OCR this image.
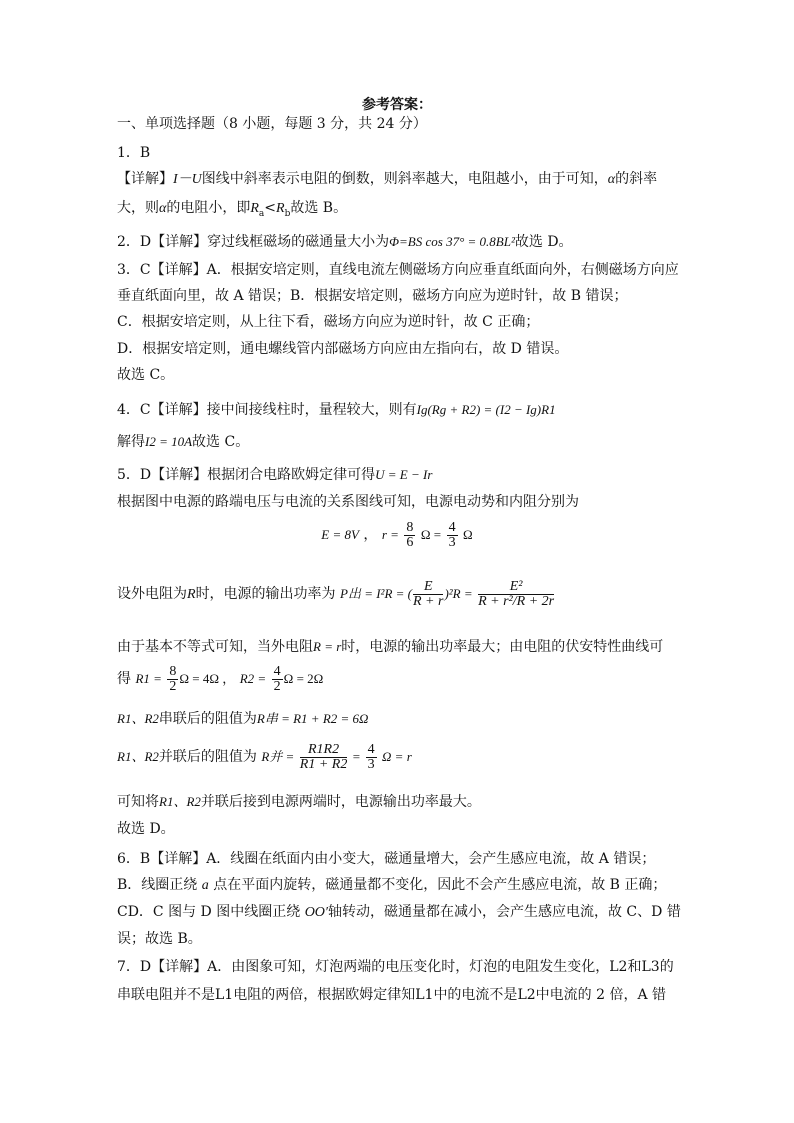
参考答案：
一、单项选择题（8 小题，每题 3 分，共 24 分）
1．B
【详解】I－U图线中斜率表示电阻的倒数，则斜率越大，电阻越小，由于可知，α的斜率
大，则α的电阻小，即$R_a<R_b$故选 B。
2．D【详解】穿过线框磁场的磁通量大小为Φ=BS cos 37° = 0.8BL²故选 D。
3．C【详解】A．根据安培定则，直线电流左侧磁场方向应垂直纸面向外，右侧磁场方向应
垂直纸面向里，故 A 错误；B．根据安培定则，磁场方向应为逆时针，故 B 错误；
C．根据安培定则，从上往下看，磁场方向应为逆时针，故 C 正确；
D．根据安培定则，通电螺线管内部磁场方向应由左指向右，故 D 错误。
故选 C。
4．C【详解】接中间接线柱时，量程较大，则有Ig(Rg + R2) = (I2 − Ig)R1
解得I2 = 10A故选 C。
5．D【详解】根据闭合电路欧姆定律可得U = E − Ir
根据图中电源的路端电压与电流的关系图线可知，电源电动势和内阻分别为
E = 8V ， $r = \frac{8}{6}$ $\Omega = \frac{4}{3}$ Ω
设外电阻为R时，电源的输出功率为 P出 = I²R = ( $\frac{E}{R + r} )^2R = \frac{\text{E²}}{\text{R + r²/R + 2r}}$
由于基本不等式可知，当外电阻R = r时，电源的输出功率最大；由电阻的伏安特性曲线可
得 $R1 = \frac{8}{2}$ Ω = 4Ω ， $R2 = \frac{4}{2}$ Ω = 2Ω
R1、R2串联后的阻值为R串 = R1 + R2 = 6Ω
R1、R2并联后的阻值为 R并 = $\frac{R1R2}{R1 + R2} = \frac{4}{3}$ Ω = r
可知将R1、R2并联后接到电源两端时，电源输出功率最大。
故选 D。
6．B【详解】A．线圈在纸面内由小变大，磁通量增大，会产生感应电流，故 A 错误；
B．线圈正绕 a 点在平面内旋转，磁通量都不变化，因此不会产生感应电流，故 B 正确；
CD．C 图与 D 图中线圈正绕 OO′轴转动，磁通量都在减小，会产生感应电流，故 C、D 错
误；故选 B。
7．D【详解】A．由图象可知，灯泡两端的电压变化时，灯泡的电阻发生变化，L2和L3的
串联电阻并不是L1电阻的两倍，根据欧姆定律知L1中的电流不是L2中电流的 2 倍，A 错
